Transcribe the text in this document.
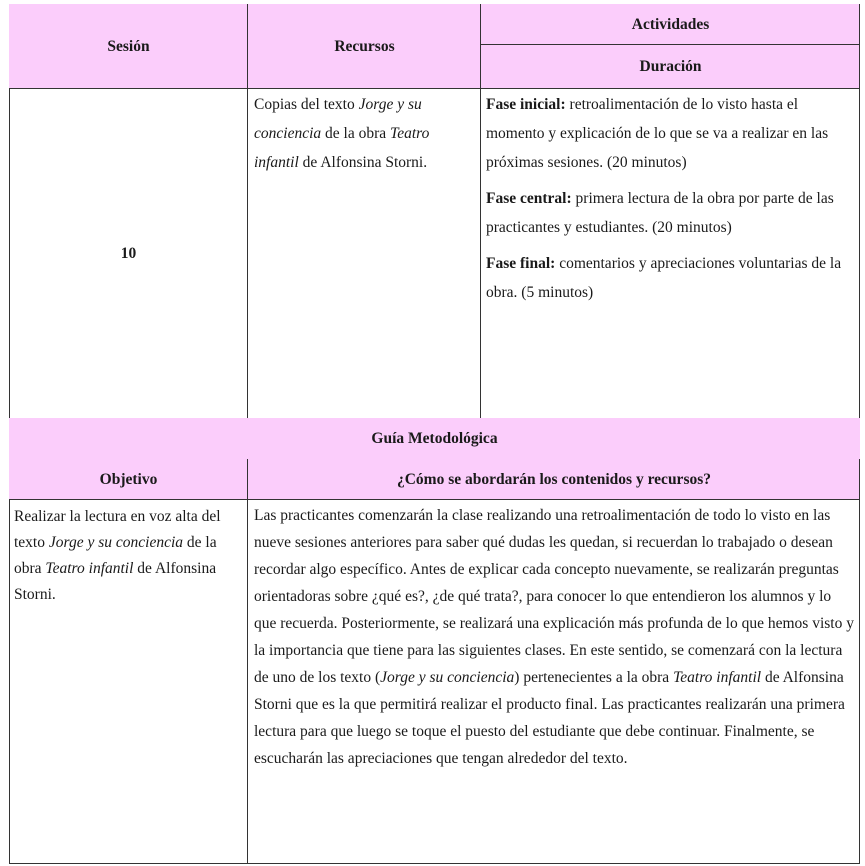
Sesión	Recursos
Actividades
Duración
10
Copias del texto Jorge y su conciencia de la obra Teatro infantil de Alfonsina Storni.

Fase inicial: retroalimentación de lo visto hasta el momento y explicación de lo que se va a realizar en las próximas sesiones. (20 minutos)

Fase central: primera lectura de la obra por parte de las practicantes y estudiantes. (20 minutos)

Fase final: comentarios y apreciaciones voluntarias de la obra. (5 minutos)

Guía Metodológica
Objetivo	¿Cómo se abordarán los contenidos y recursos?
Realizar la lectura en voz alta del texto Jorge y su conciencia de la obra Teatro infantil de Alfonsina Storni.
Las practicantes comenzarán la clase realizando una retroalimentación de todo lo visto en las nueve sesiones anteriores para saber qué dudas les quedan, si recuerdan lo trabajado o desean recordar algo específico. Antes de explicar cada concepto nuevamente, se realizarán preguntas orientadoras sobre ¿qué es?, ¿de qué trata?, para conocer lo que entendieron los alumnos y lo que recuerda. Posteriormente, se realizará una explicación más profunda de lo que hemos visto y la importancia que tiene para las siguientes clases. En este sentido, se comenzará con la lectura de uno de los texto (Jorge y su conciencia) pertenecientes a la obra Teatro infantil de Alfonsina Storni que es la que permitirá realizar el producto final. Las practicantes realizarán una primera lectura para que luego se toque el puesto del estudiante que debe continuar. Finalmente, se escucharán las apreciaciones que tengan alrededor del texto.
